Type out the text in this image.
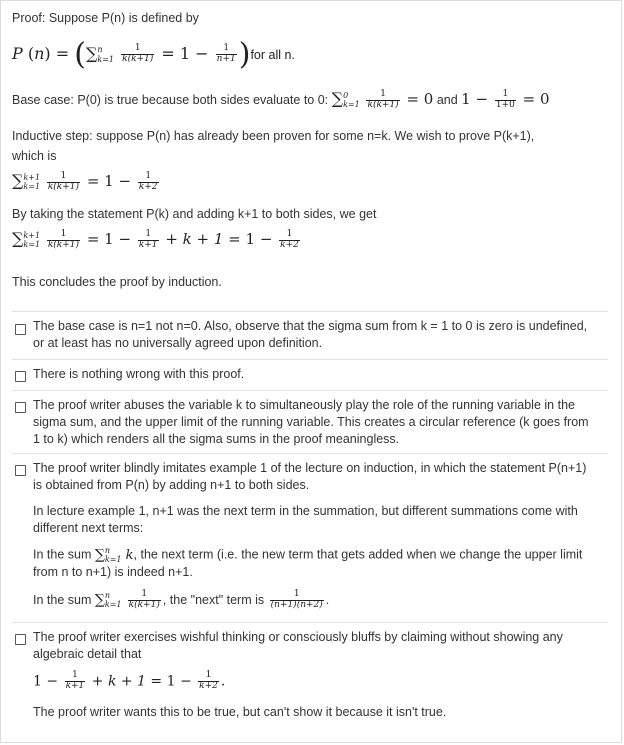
Proof: Suppose P(n) is defined by
P (n) = (∑ n
k=1
$\frac{1}{k(k+1)} = 1 - \frac{1}{n+1} )for$ all n.
Base case: P(0) is true because both sides evaluate to 0: ∑ 0
k=1
$\frac{1}{k(k+1)} = 0$ and $1 - \frac{1}{1+0} = 0$
Inductive step: suppose P(n) has already been proven for some n=k. We wish to prove P(k+1),
which is
∑ k+1
k=1
$\frac{1}{k(k+1)} = 1 - \frac{1}{k+2}$
By taking the statement P(k) and adding k+1 to both sides, we get
∑ k+1
k=1
$\frac{1}{k(k+1)} = 1 - \frac{1}{k+1} + k + 1 = 1 - \frac{1}{k+2}$
This concludes the proof by induction.
The base case is n=1 not n=0. Also, observe that the sigma sum from k = 1 to 0 is zero is undefined, or at least has no universally agreed upon definition.
There is nothing wrong with this proof.
The proof writer abuses the variable k to simultaneously play the role of the running variable in the sigma sum, and the upper limit of the running variable. This creates a circular reference (k goes from 1 to k) which renders all the sigma sums in the proof meaningless.
The proof writer blindly imitates example 1 of the lecture on induction, in which the statement P(n+1) is obtained from P(n) by adding n+1 to both sides.
In lecture example 1, n+1 was the next term in the summation, but different summations come with different next terms:
In the sum ∑ n
k=1 k, the next term (i.e. the new term that gets added when we change the upper limit from n to n+1) is indeed n+1.
In the sum ∑ n
k=1
$\frac{1}{k(k+1)}$ , the "next" term is $\frac{1}{(n+1)(n+2)}$ .
The proof writer exercises wishful thinking or consciously bluffs by claiming without showing any algebraic detail that
$1 - \frac{1}{k+1} + k + 1 = 1 - \frac{1}{k+2}$ .
The proof writer wants this to be true, but can't show it because it isn't true.
